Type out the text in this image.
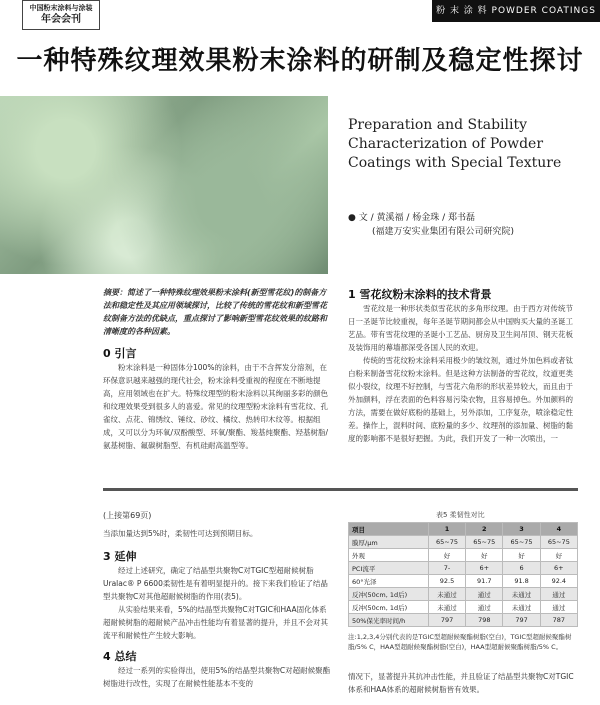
中国粉末涂料与涂装
年会会刊
粉 末 涂 料 POWDER COATINGS
一种特殊纹理效果粉末涂料的研制及稳定性探讨
Preparation and Stability Characterization of Powder Coatings with Special Texture
● 文 / 黄溪福 / 杨金珠 / 郑书磊
(福建万安实业集团有限公司研究院)
摘要：简述了一种特殊纹理效果粉末涂料(新型雪花纹)的制备方法和稳定性及其应用领域探讨，比较了传统的雪花纹和新型雪花纹制备方法的优缺点，重点探讨了影响新型雪花纹效果的纹路和清晰度的各种因素。
0 引言

粉末涂料是一种固体分100%的涂料，由于不含挥发分溶剂，在环保意识越来越强的现代社会，粉末涂料受重视的程度在不断地提高，应用领域也在扩大。特殊纹理型的粉末涂料以其绚丽多彩的颜色和纹理效果受到很多人的喜爱。常见的纹理型粉末涂料有雪花纹、孔雀纹、点花、锦绣纹、锤纹、砂纹、橘纹、热转印木纹等。根据组成，又可以分为环氧/双酚酸型、环氧/聚酯、羧基纯聚酯、羟基树脂/氨基树脂、氟碳树脂型、有机硅耐高温型等。

1 雪花纹粉末涂料的技术背景

雪花纹是一种形状类似雪花状的多角形纹理。由于西方对传统节日一圣诞节比较重视，每年圣诞节期间都会从中国购买大量的圣诞工艺品。带有雪花纹理的圣诞小工艺品、厨房及卫生间吊顶、钢天花板及装饰用的幕墙都深受各国人民的欢迎。

传统的雪花纹粉末涂料采用极少的皱纹剂，通过外加色料或者钛白粉来制备雪花纹粉末涂料。但是这种方法制备的雪花纹，纹道更类似小裂纹，纹理不好控制，与雪花六角形的形状差异较大，而且由于外加颜料，浮在表面的色料容易污染衣物，且容易掉色。外加颜料的方法，需要在做好底粉的基础上，另外添加，工序复杂，喷涂稳定性差。操作上，混料时间、底粉量的多少、纹理剂的添加量、树脂的黏度的影响都不是很好把握。为此，我们开发了一种一次喷出，一

(上接第69页)

当添加量达到5%时，柔韧性可达到预期目标。

3 延伸

经过上述研究，确定了结晶型共聚物C对TGIC型超耐候树脂Uralac® P 6600柔韧性是有着明显提升的。接下来我们验证了结晶型共聚物C对其他超耐候树脂的作用(表5)。

从实验结果来看，5%的结晶型共聚物C对TGIC和HAA固化体系超耐候树脂的超耐候产品冲击性能均有着显著的提升，并且不会对其流平和耐候性产生较大影响。

4 总结

经过一系列的实验得出，使用5%的结晶型共聚物C对超耐候聚酯树脂进行改性，实现了在耐候性能基本不变的

表5 柔韧性对比
项目	1	2	3	4
膜厚/μm	65~75	65~75	65~75	65~75
外观	好	好	好	好
PCI流平	7-	6+	6	6+
60°光泽	92.5	91.7	91.8	92.4
反冲(50cm, 1d后)	未通过	通过	未通过	通过
反冲(50cm, 1d后)	未通过	通过	未通过	通过
50%保光率时间/h	797	798	797	787
注:1,2,3,4分别代表的是TGIC型超耐候聚酯树脂(空白)，TGIC型超耐候聚酯树脂/5% C，HAA型超耐候聚酯树脂(空白)，HAA型超耐候聚酯树脂/5% C。
情况下，显著提升其抗冲击性能，并且验证了结晶型共聚物C对TGIC体系和HAA体系的超耐候树脂皆有效果。
